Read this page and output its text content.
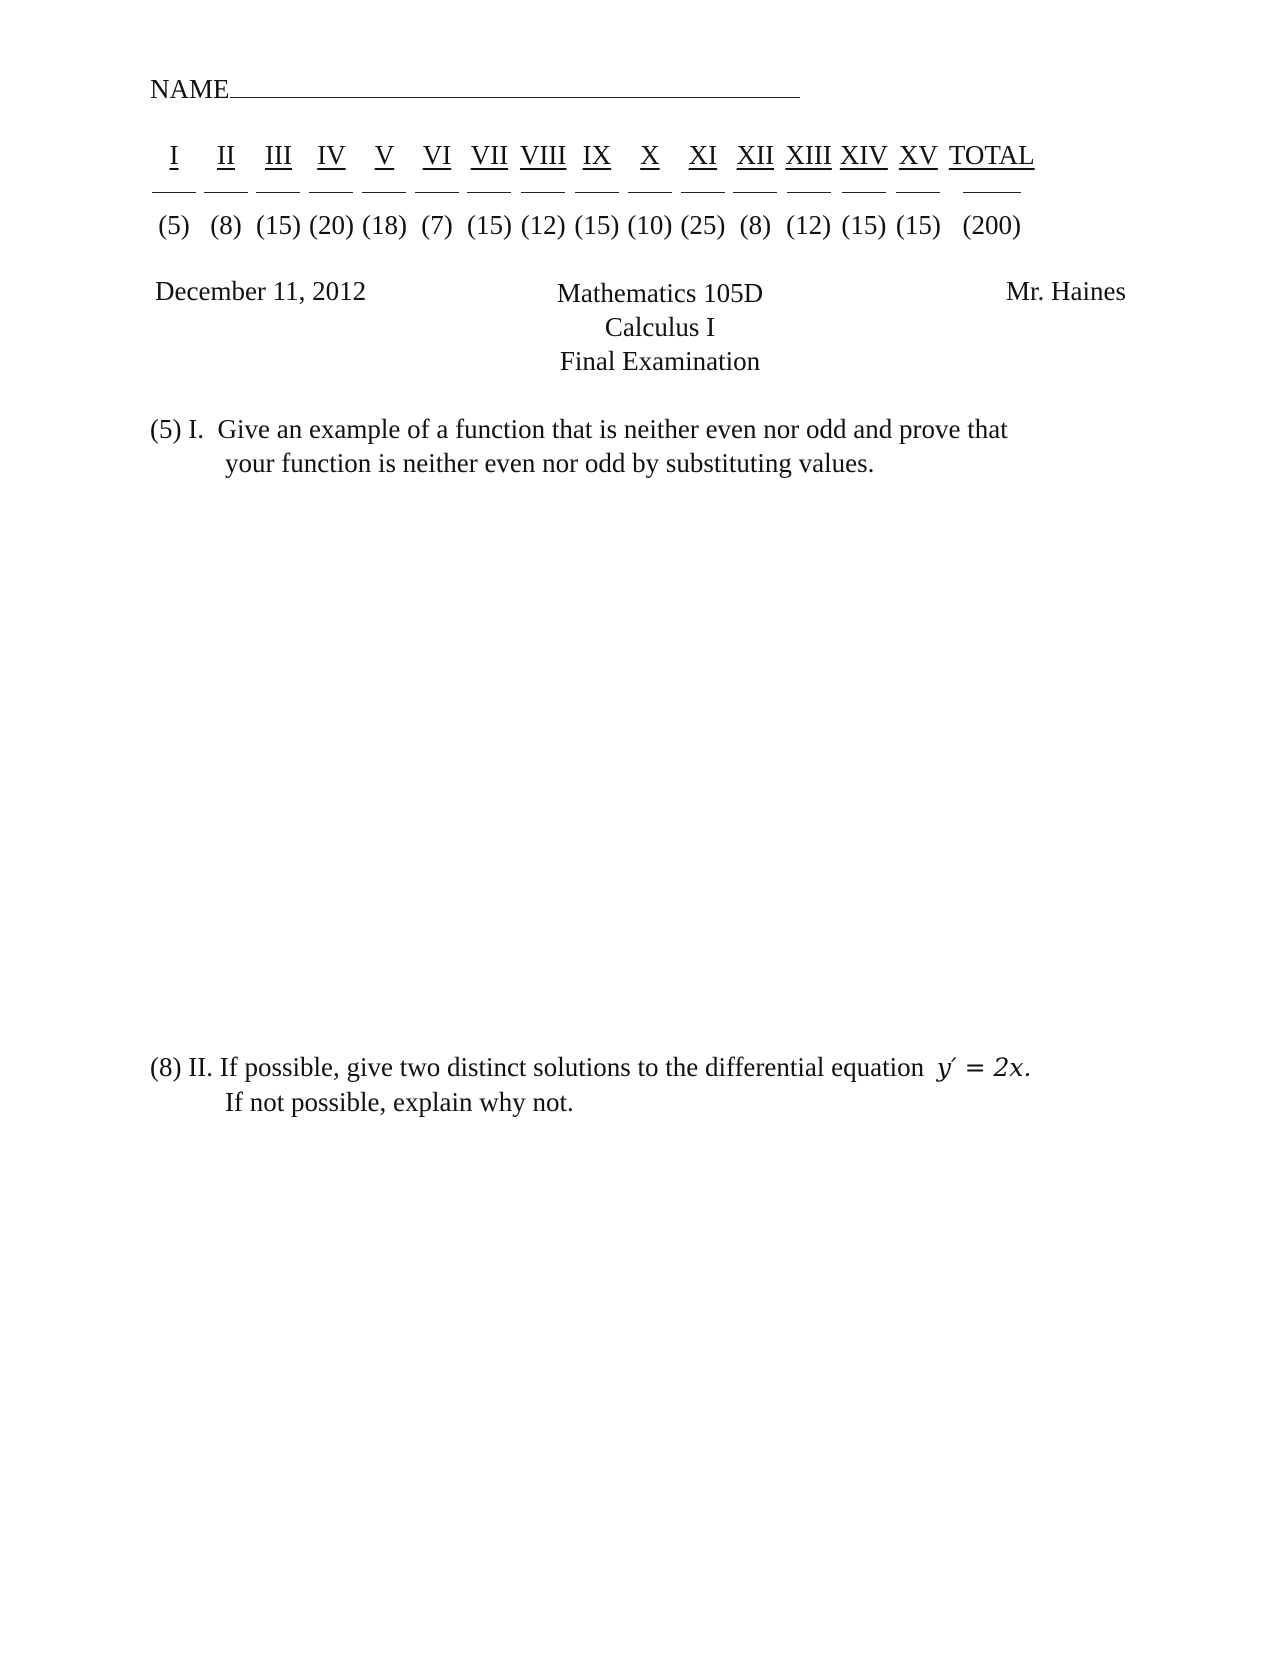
NAME
I	II	III	IV	V	VI	VII	VIII	IX	X	XI	XII	XIII	XIV	XV	TOTAL

(5)	(8)	(15)	(20)	(18)	(7)	(15)	(12)	(15)	(10)	(25)	(8)	(12)	(15)	(15)	(200)
December 11, 2012	Mathematics 105D
Calculus I
Final Examination
Mr. Haines
(5) I. Give an example of a function that is neither even nor odd and prove that
your function is neither even nor odd by substituting values.
(8) II. If possible, give two distinct solutions to the differential equation y′ = 2x.
If not possible, explain why not.
